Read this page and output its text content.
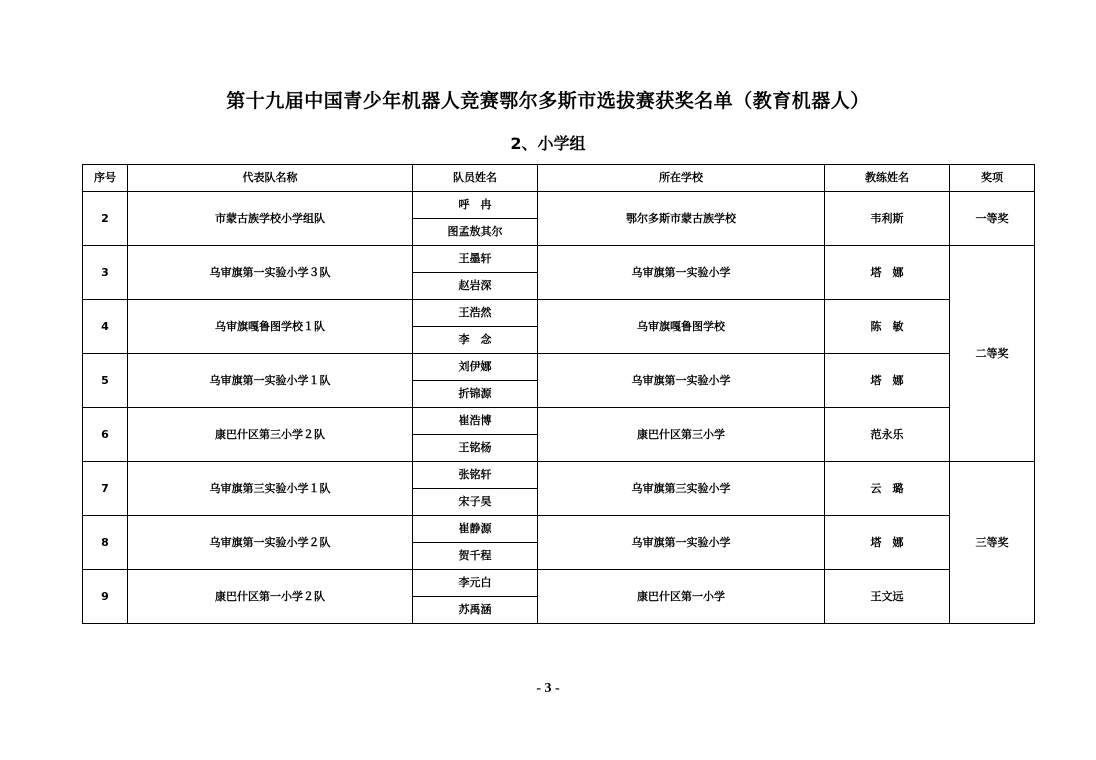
第十九届中国青少年机器人竞赛鄂尔多斯市选拔赛获奖名单（教育机器人）
2、小学组
序号	代表队名称	队员姓名	所在学校	教练姓名	奖项
2	市蒙古族学校小学组队	呼　冉	鄂尔多斯市蒙古族学校	韦利斯	一等奖
		图孟敖其尔			
3	乌审旗第一实验小学３队	王墨轩	乌审旗第一实验小学	塔　娜	二等奖
		赵岩深			
4	乌审旗嘎鲁图学校１队	王浩然	乌审旗嘎鲁图学校	陈　敏	
		李　念			
5	乌审旗第一实验小学１队	刘伊娜	乌审旗第一实验小学	塔　娜	
		折锦源			
6	康巴什区第三小学２队	崔浩博	康巴什区第三小学	范永乐	
		王铭杨			
7	乌审旗第三实验小学１队	张铭轩	乌审旗第三实验小学	云　璐	三等奖
		宋子昊			
8	乌审旗第一实验小学２队	崔静源	乌审旗第一实验小学	塔　娜	
		贺千程			
9	康巴什区第一小学２队	李元白	康巴什区第一小学	王文远	
		苏禹涵			
- 3 -
